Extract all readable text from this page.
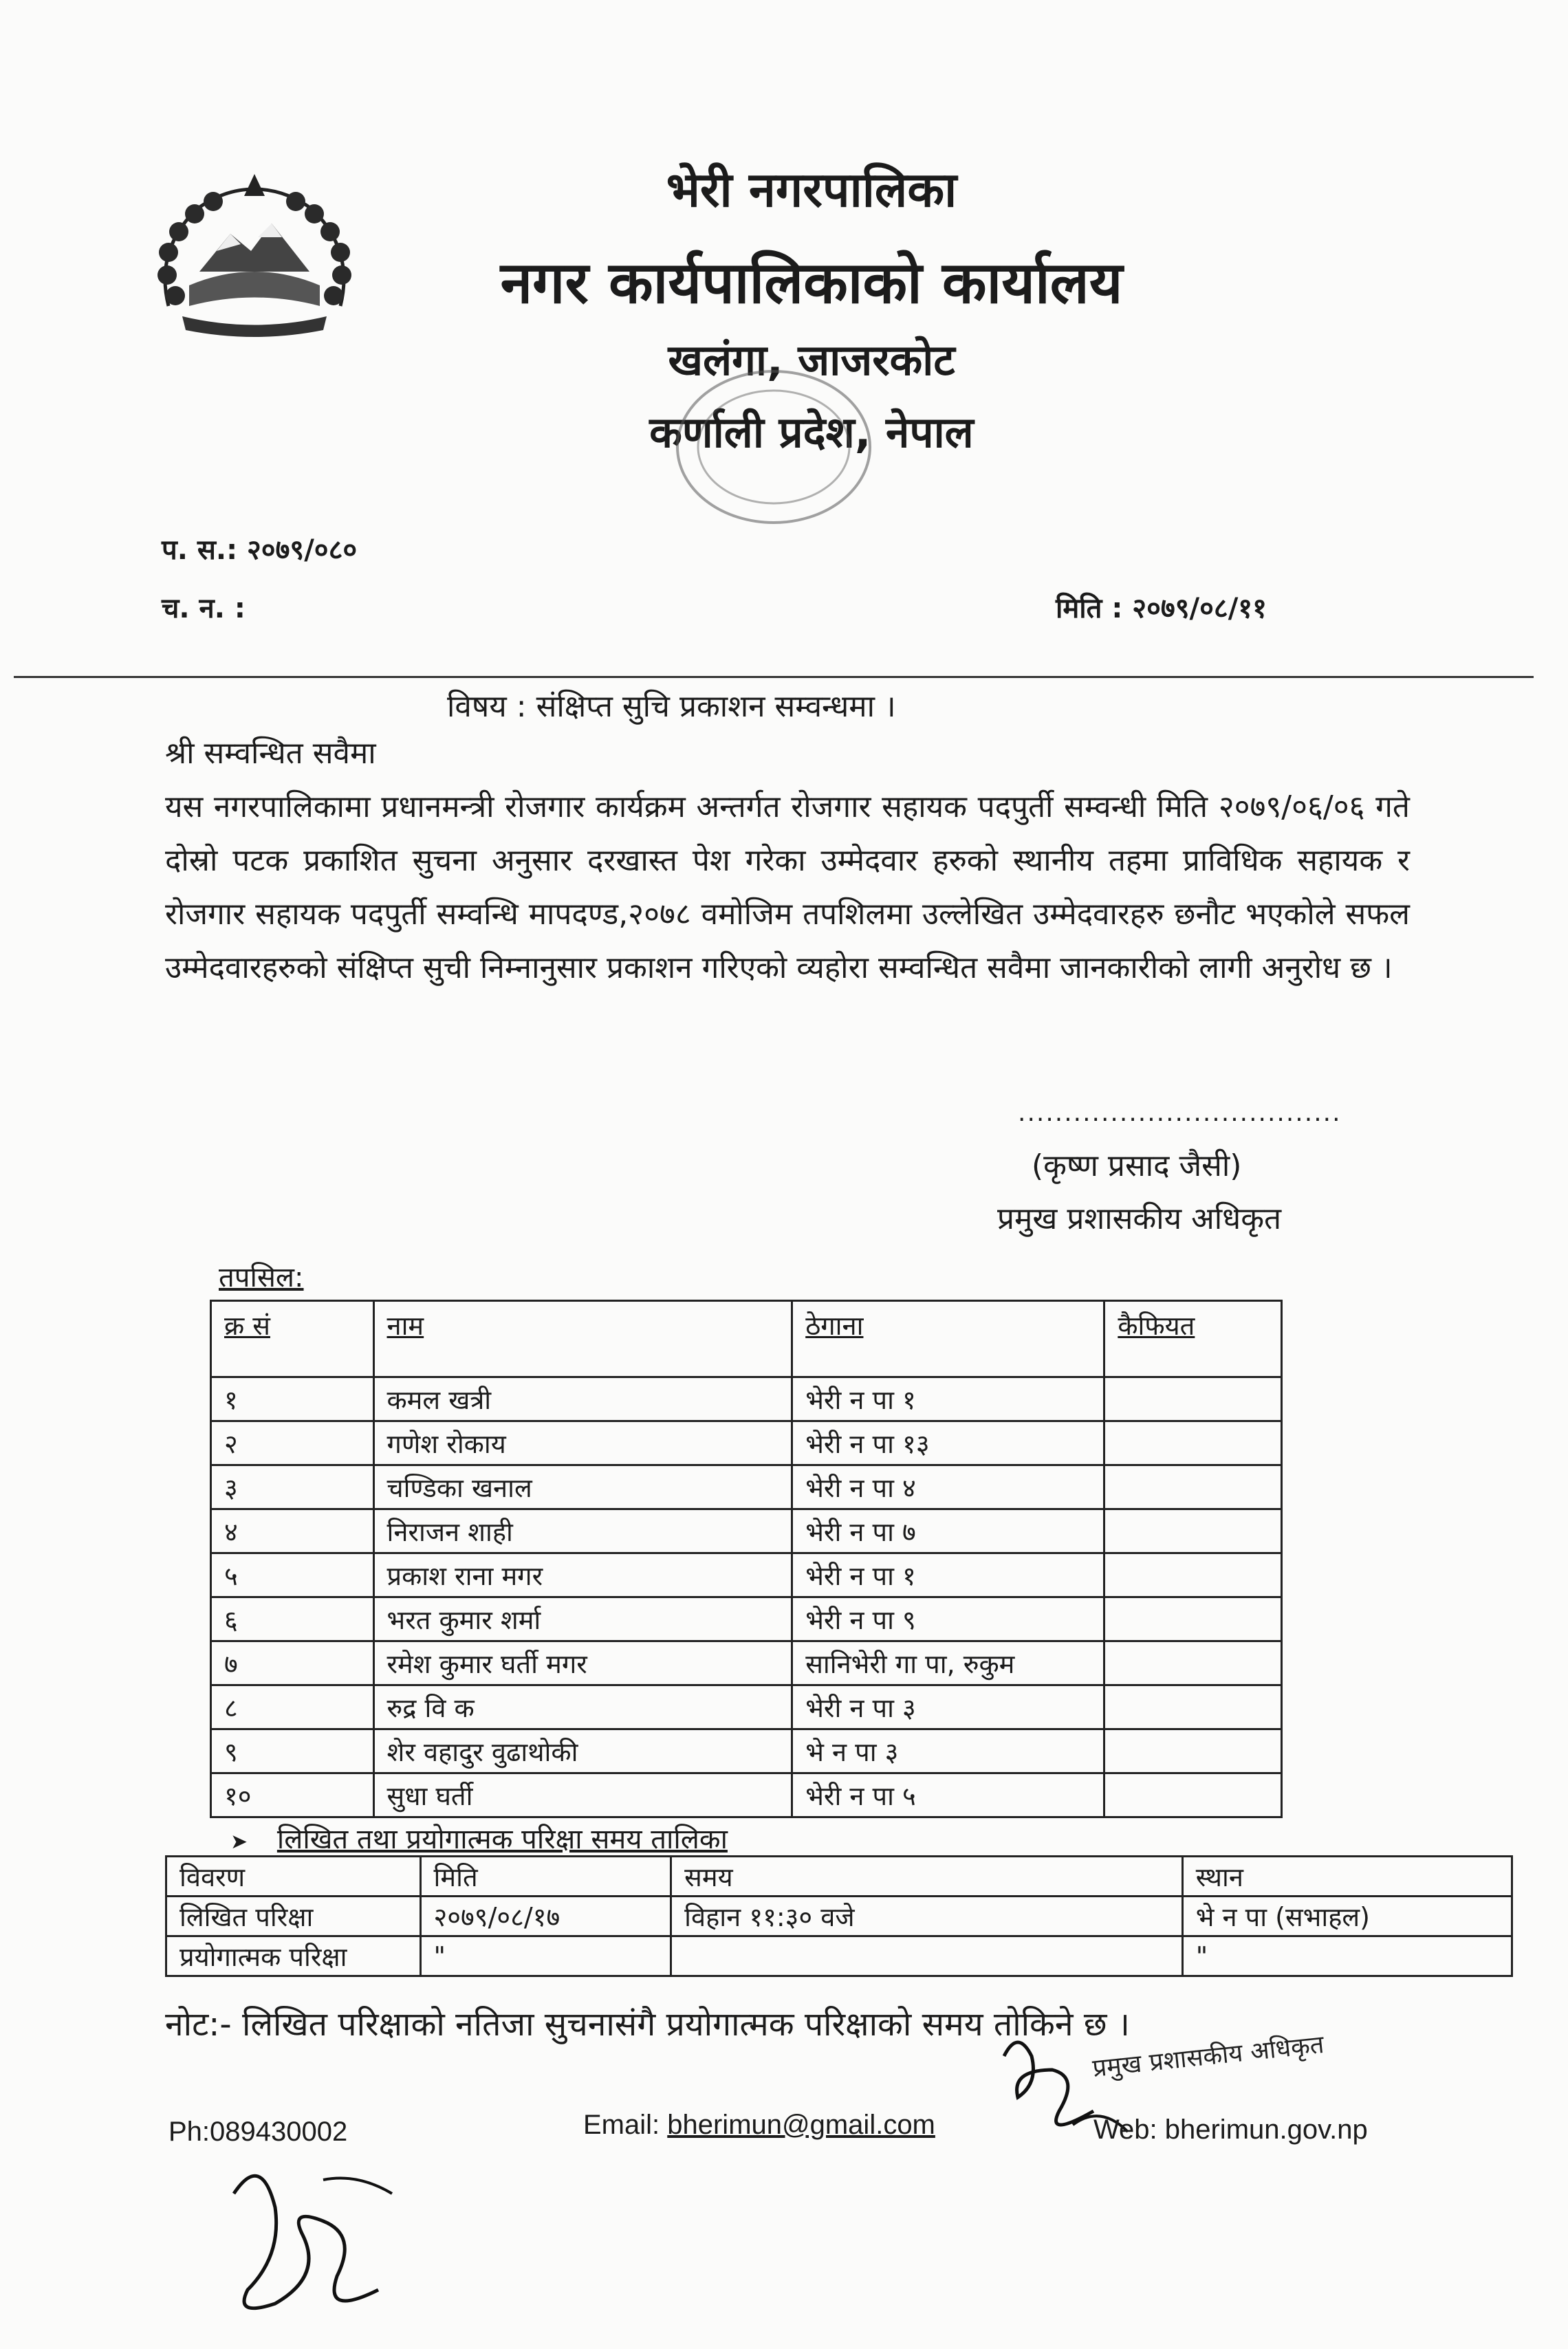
भेरी नगरपालिका
नगर कार्यपालिकाको कार्यालय
खलंगा, जाजरकोट
कर्णाली प्रदेश, नेपाल
प. स.: २०७९/०८०
च. न. :	मिति : २०७९/०८/११
विषय : संक्षिप्त सुचि प्रकाशन सम्वन्धमा ।
श्री सम्वन्धित सवैमा
यस नगरपालिकामा प्रधानमन्त्री रोजगार कार्यक्रम अन्तर्गत रोजगार सहायक पदपुर्ती सम्वन्धी मिति २०७९/०६/०६ गते दोस्रो पटक प्रकाशित सुचना अनुसार दरखास्त पेश गरेका उम्मेदवार हरुको स्थानीय तहमा प्राविधिक सहायक र रोजगार सहायक पदपुर्ती सम्वन्धि मापदण्ड,२०७८ वमोजिम तपशिलमा उल्लेखित उम्मेदवारहरु छनौट भएकोले सफल उम्मेदवारहरुको संक्षिप्त सुची निम्नानुसार प्रकाशन गरिएको व्यहोरा सम्वन्धित सवैमा जानकारीको लागी अनुरोध छ ।
...................................
(कृष्ण प्रसाद जैसी)
प्रमुख प्रशासकीय अधिकृत
तपसिल:
क्र सं	नाम	ठेगाना	कैफियत
१	कमल खत्री	भेरी न पा १	
२	गणेश रोकाय	भेरी न पा १३	
३	चण्डिका खनाल	भेरी न पा ४	
४	निराजन शाही	भेरी न पा ७	
५	प्रकाश राना मगर	भेरी न पा १	
६	भरत कुमार शर्मा	भेरी न पा ९	
७	रमेश कुमार घर्ती मगर	सानिभेरी गा पा, रुकुम	
८	रुद्र वि क	भेरी न पा ३	
९	शेर वहादुर वुढाथोकी	भे न पा ३	
१०	सुधा घर्ती	भेरी न पा ५	
➤ लिखित तथा प्रयोगात्मक परिक्षा समय तालिका
विवरण	मिति	समय	स्थान
लिखित परिक्षा	२०७९/०८/१७	विहान ११:३० वजे	भे न पा (सभाहल)
प्रयोगात्मक परिक्षा	"		"
नोट:- लिखित परिक्षाको नतिजा सुचनासंगै प्रयोगात्मक परिक्षाको समय तोकिने छ ।
प्रमुख प्रशासकीय अधिकृत
Ph:089430002	Email: bherimun@gmail.com	Web: bherimun.gov.np
